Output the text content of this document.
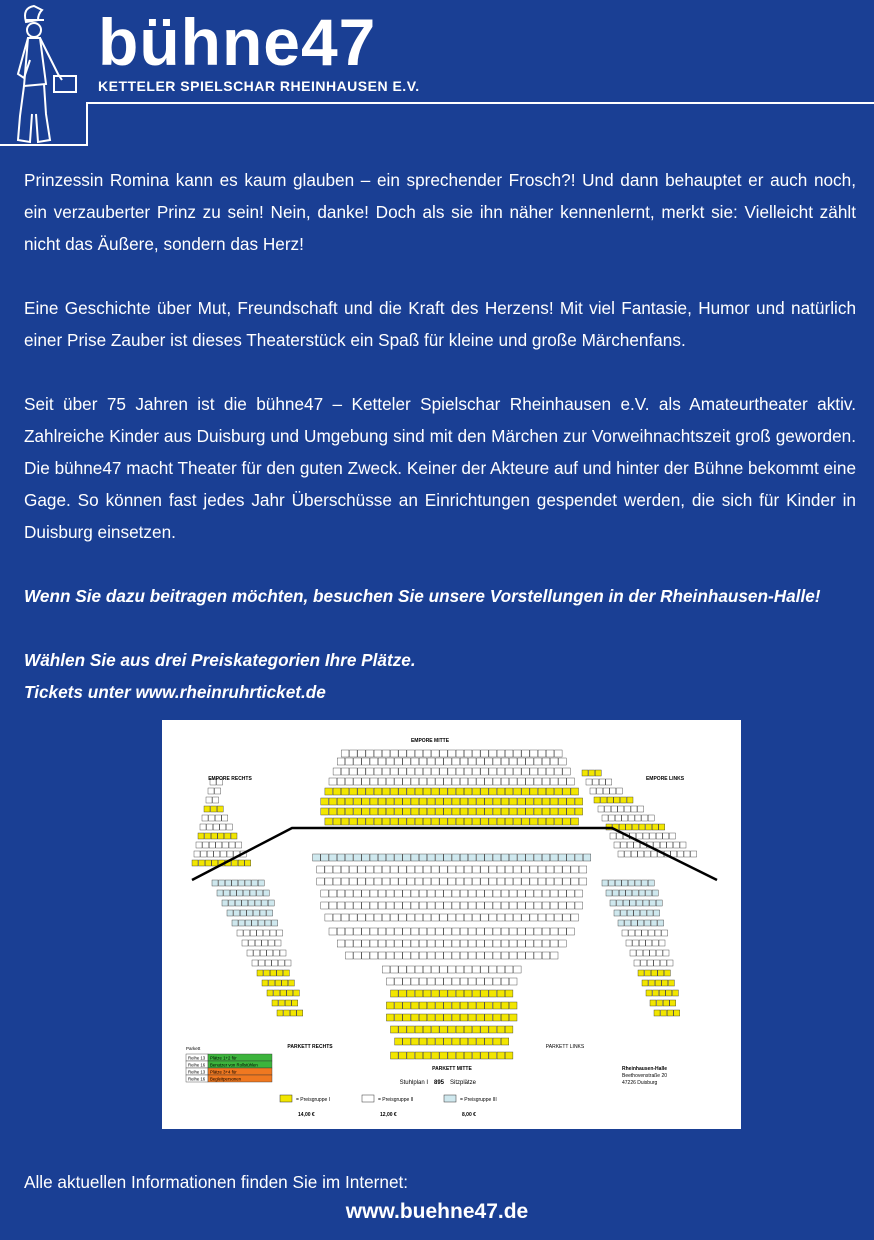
bühne47
KETTELER SPIELSCHAR RHEINHAUSEN E.V.

Prinzessin Romina kann es kaum glauben – ein sprechender Frosch?! Und dann behauptet er auch noch, ein verzauberter Prinz zu sein! Nein, danke! Doch als sie ihn näher kennenlernt, merkt sie: Vielleicht zählt nicht das Äußere, sondern das Herz!

Eine Geschichte über Mut, Freundschaft und die Kraft des Herzens! Mit viel Fantasie, Humor und natürlich einer Prise Zauber ist dieses Theaterstück ein Spaß für kleine und große Märchenfans.

Seit über 75 Jahren ist die bühne47 – Ketteler Spielschar Rheinhausen e.V. als Amateurtheater aktiv. Zahlreiche Kinder aus Duisburg und Umgebung sind mit den Märchen zur Vorweihnachtszeit groß geworden. Die bühne47 macht Theater für den guten Zweck. Keiner der Akteure auf und hinter der Bühne bekommt eine Gage. So können fast jedes Jahr Überschüsse an Einrichtungen gespendet werden, die sich für Kinder in Duisburg einsetzen.

Wenn Sie dazu beitragen möchten, besuchen Sie unsere Vorstellungen in der Rheinhausen-Halle!

Wählen Sie aus drei Preiskategorien Ihre Plätze.
Tickets unter www.rheinruhrticket.de

EMPORE MITTE
EMPORE RECHTS	EMPORE LINKS
PARKETT RECHTS
PARKETT MITTE
PARKETT LINKS
Stuhlplan I 895 Sitzplätze
Rheinhausen-Halle
Beethovenstraße 20
47226 Duisburg
Parkett
Reihe 13 Plätze 1+2 für
Reihe 16 Benutzer von Rollstühlen
Reihe 13 Plätze 3+4 für
Reihe 16 Begleitpersonen
= Preisgruppe I
14,00 €
= Preisgruppe II
12,00 €
= Preisgruppe III
8,00 €
Alle aktuellen Informationen finden Sie im Internet:
www.buehne47.de
